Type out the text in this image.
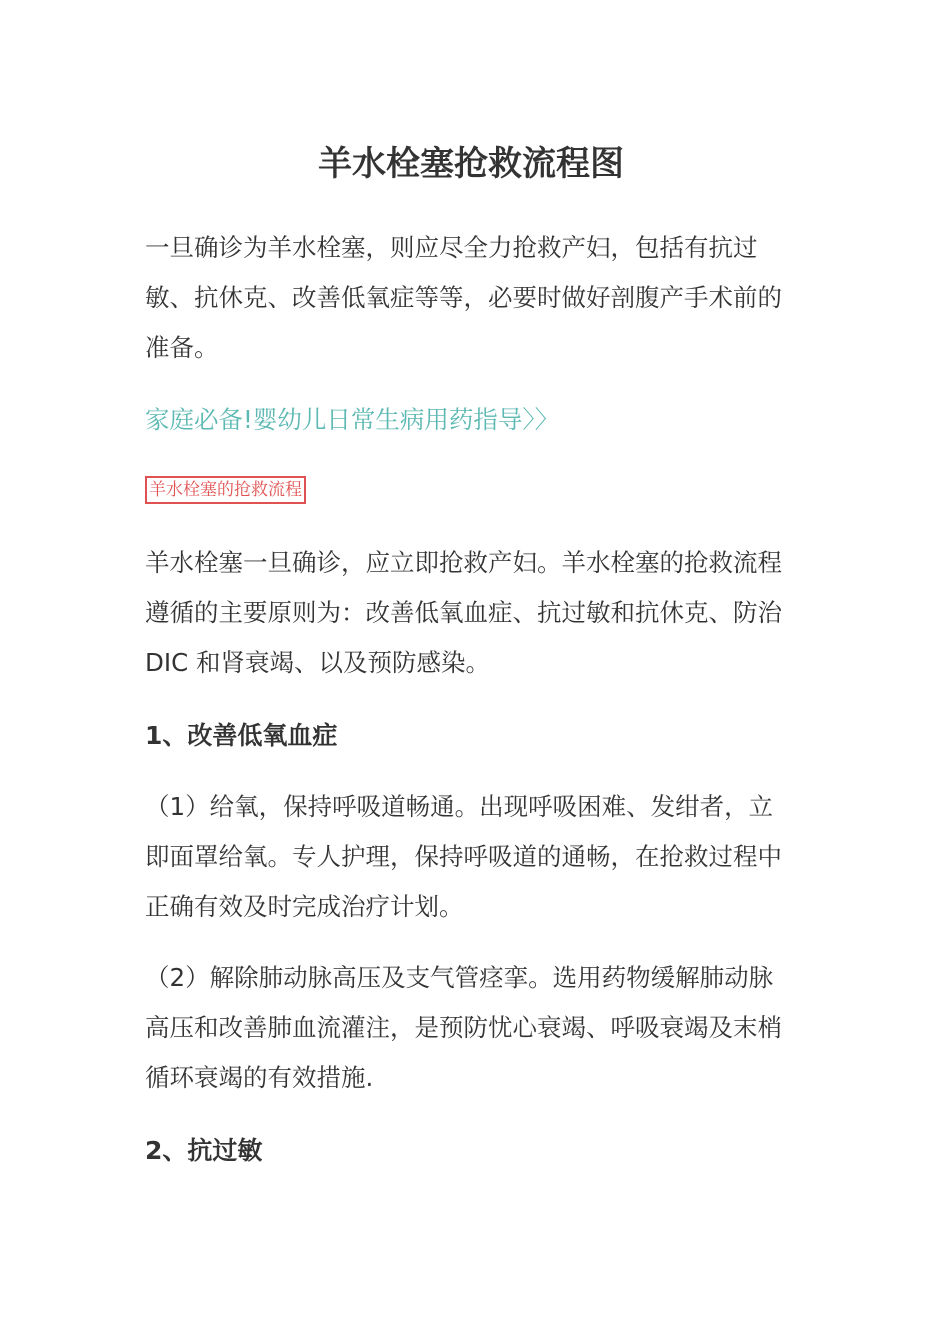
羊水栓塞抢救流程图

一旦确诊为羊水栓塞，则应尽全力抢救产妇，包括有抗过敏、抗休克、改善低氧症等等，必要时做好剖腹产手术前的准备。

家庭必备!婴幼儿日常生病用药指导〉〉
羊水栓塞的抢救流程

羊水栓塞一旦确诊，应立即抢救产妇。羊水栓塞的抢救流程遵循的主要原则为：改善低氧血症、抗过敏和抗休克、防治 DIC 和肾衰竭、以及预防感染。

1、改善低氧血症

（1）给氧，保持呼吸道畅通。出现呼吸困难、发绀者，立即面罩给氧。专人护理，保持呼吸道的通畅，在抢救过程中正确有效及时完成治疗计划。

（2）解除肺动脉高压及支气管痉挛。选用药物缓解肺动脉高压和改善肺血流灌注，是预防忧心衰竭、呼吸衰竭及末梢循环衰竭的有效措施.

2、抗过敏
